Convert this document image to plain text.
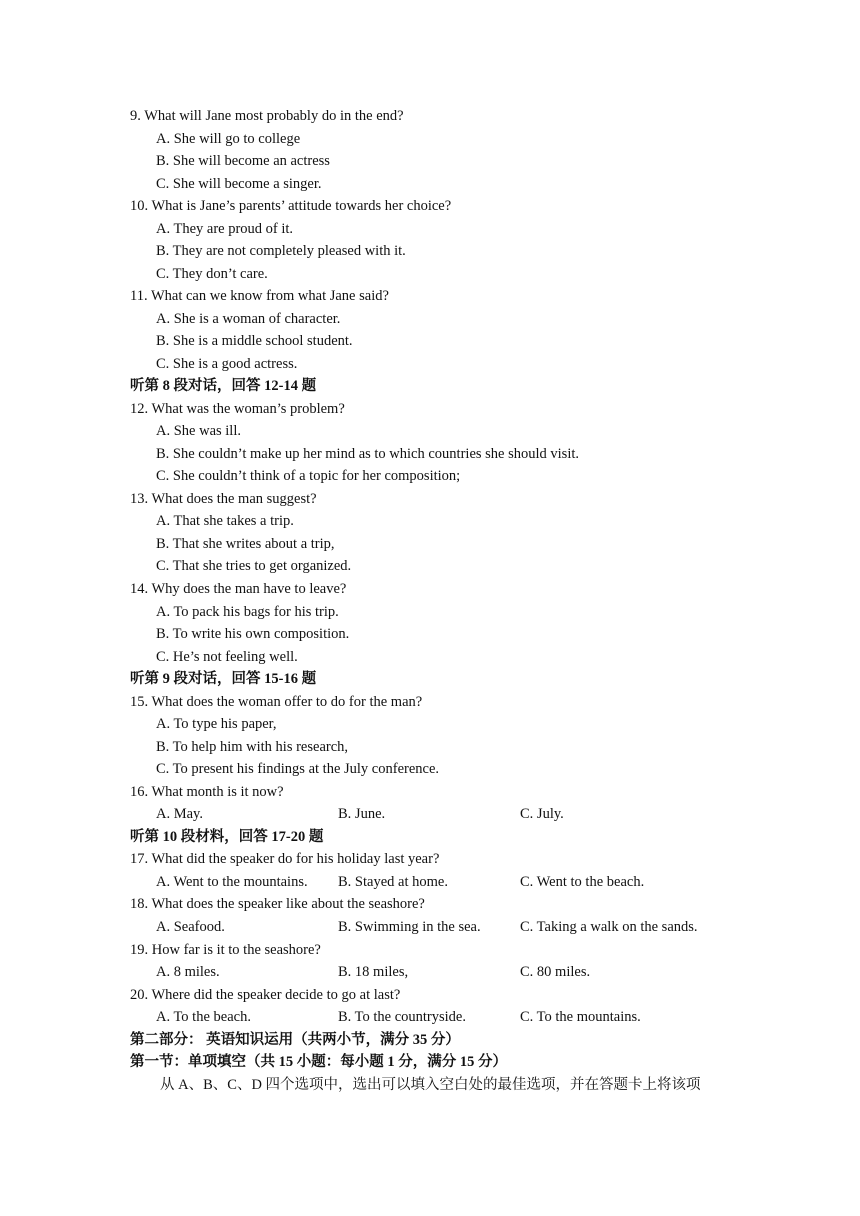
9. What will Jane most probably do in the end?
A. She will go to college
B. She will become an actress
C. She will become a singer.
10. What is Jane’s parents’ attitude towards her choice?
A. They are proud of it.
B. They are not completely pleased with it.
C. They don’t care.
11. What can we know from what Jane said?
A. She is a woman of character.
B. She is a middle school student.
C. She is a good actress.
听第 8 段对话，回答 12-14 题
12. What was the woman’s problem?
A. She was ill.
B. She couldn’t make up her mind as to which countries she should visit.
C. She couldn’t think of a topic for her composition;
13. What does the man suggest?
A. That she takes a trip.
B. That she writes about a trip,
C. That she tries to get organized.
14. Why does the man have to leave?
A. To pack his bags for his trip.
B. To write his own composition.
C. He’s not feeling well.
听第 9 段对话，回答 15-16 题
15. What does the woman offer to do for the man?
A. To type his paper,
B. To help him with his research,
C. To present his findings at the July conference.
16. What month is it now?
A. May.	B. June.	C. July.
听第 10 段材料，回答 17-20 题
17. What did the speaker do for his holiday last year?
A. Went to the mountains. B. Stayed at home.	C. Went to the beach.
18. What does the speaker like about the seashore?
A. Seafood.	B. Swimming in the sea.	C. Taking a walk on the sands.
19. How far is it to the seashore?
A. 8 miles.	B. 18 miles,	C. 80 miles.
20. Where did the speaker decide to go at last?
A. To the beach.	B. To the countryside.	C. To the mountains.
第二部分： 英语知识运用（共两小节，满分 35 分）
第一节：单项填空（共 15 小题：每小题 1 分，满分 15 分）
从 A、B、C、D 四个选项中，选出可以填入空白处的最佳选项，并在答题卡上将该项
